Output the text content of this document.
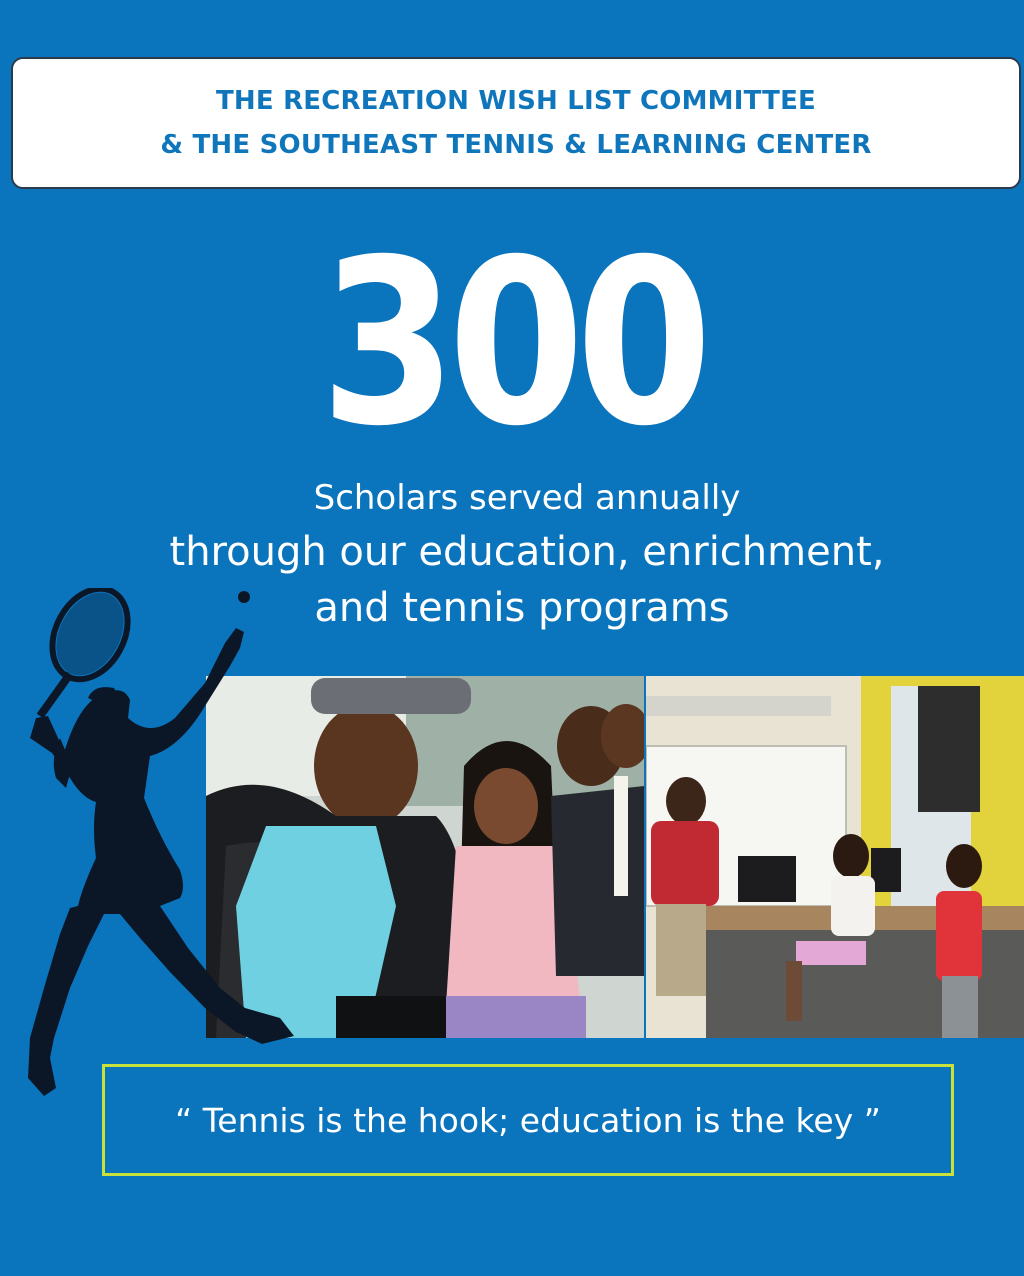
THE RECREATION WISH LIST COMMITTEE
& THE SOUTHEAST TENNIS & LEARNING CENTER
300
Scholars served annually
through our education, enrichment,
and tennis programs
“ Tennis is the hook; education is the key ”
